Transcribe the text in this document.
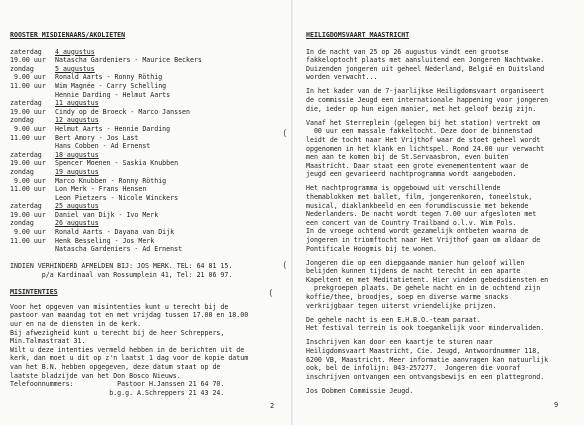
ROOSTER MISDIENAARS/AKOLIETEN
zaterdag	4 augustus
19.00 uur	Natascha Gardeniers - Maurice Beckers
zondag	5 augustus
9.00 uur	Ronald Aarts - Ronny Röthig
11.00 uur	Wim Magnée - Carry Schelling
Hennie Darding - Helmut Aarts
zaterdag	11 augustus
19.00 uur	Cindy op de Broeck - Marco Janssen
zondag	12 augustus
9.00 uur	Helmut Aarts - Hennie Darding
11.00 uur	Bert Amory - Jos Last
Hans Cobben - Ad Ernenst
zaterdag	18 augustus
19.00 uur	Spencer Moenen - Saskia Knubben
zondag	19 augustus
9.00 uur	Marco Knubben - Ronny Röthig
11.00 uur	Lon Merk - Frans Hensen
Leon Pietzers - Nicole Winckers
zaterdag	25 augustus
19.00 uur	Daniel van Dijk - Ivo Merk
zondag	26 augustus
9.00 uur	Ronald Aarts - Dayana van Dijk
11.00 uur	Henk Besseling - Jos Merk
Natascha Gardeniers - Ad Ernenst
INDIEN VERHINDERD AFMELDEN BIJ: JOS MERK. TEL: 64 81 15.
p/a Kardinaal van Rossumplein 41, Tel: 21 06 97.
MISINTENTIES
Voor het opgeven van misintenties kunt u terecht bij de
pastoor van maandag tot en met vrijdag tussen 17.00 en 18.00
uur en na de diensten in de kerk.
Bij afwezigheid kunt u terecht bij de heer Schreppers,
Min.Talmastraat 31.
Wilt u deze intenties vermeld hebben in de berichten uit de
kerk, dan moet u dit op z'n laatst 1 dag voor de kopie datum
van het B.N. hebben opgegeven, deze datum staat op de
laatste bladzijde van het Don Bosco Nieuws.
Telefoonnummers:           Pastoor H.Janssen 21 64 70.
b.g.g. A.Schreppers 21 43 24.
2
(
HEILIGDOMSVAART MAASTRICHT
In de nacht van 25 op 26 augustus vindt een grootse
fakkeloptocht plaats met aansluitend een Jongeren Nachtwake.
Duizenden jongeren uit geheel Nederland, België en Duitsland
worden verwacht...
In het kader van de 7-jaarlijkse Heiligdomsvaart organiseert
de commissie Jeugd een internationale happening voor jongeren
die, ieder op hun eigen manier, met het geloof bezig zijn.
Vanaf het Sterreplein (gelegen bij het station) vertrekt om
00 uur een massale fakkeltocht. Deze door de binnenstad
leidt de tocht naar Het Vrijthof waar de stoet geheel wordt
opgenomen in het klank en lichtspel. Rond 24.00 uur verwacht
men aan te komen bij de St.Servaasbron, even buiten
Maastricht. Daar staat een grote evenemententent waar de
jeugd een gevarieerd nachtprogramma wordt aangeboden.
Het nachtprogramma is opgebouwd uit verschillende
themablokken met ballet, film, jongerenkoren, toneelstuk,
musical, diaklankbeeld en een forumdiscussie met bekende
Nederlanders. De nacht wordt tegen 7.00 uur afgesloten met
een concert van de Country Trailband o.l.v. Wim Pols.
In de vroege ochtend wordt gezamelijk ontbeten waarna de
jongeren in triomftocht naar Het Vrijthof gaan om aldaar de
Pontificale Hoogmis bij te wonen.
Jongeren die op een diepgaande manier hun geloof willen
belijden kunnen tijdens de nacht terecht in een aparte
Kapeltent en met Meditatietent. Hier vinden gebedsdiensten en
prekgroepen plaats. De gehele nacht en in de ochtend zijn
koffie/thee, broodjes, soep en diverse warme snacks
verkrijgbaar tegen uiterst vriendelijke prijzen.
De gehele nacht is een E.H.B.O.-team paraat.
Het festival terrein is ook toegankelijk voor mindervaliden.
Inschrijven kan door een kaartje te sturen naar
Heiligdomsvaart Maastricht, Cie. Jeugd, Antwoordnummer 118,
6200 VB, Maastricht. Meer informatie aanvragen kan natuurlijk
ook, bel de infolijn: 043-257277.  Jongeren die vooraf
inschrijven ontvangen een ontvangsbewijs en een plattegrond.
Jos Dobmen Commissie Jeugd.
9
(
(
